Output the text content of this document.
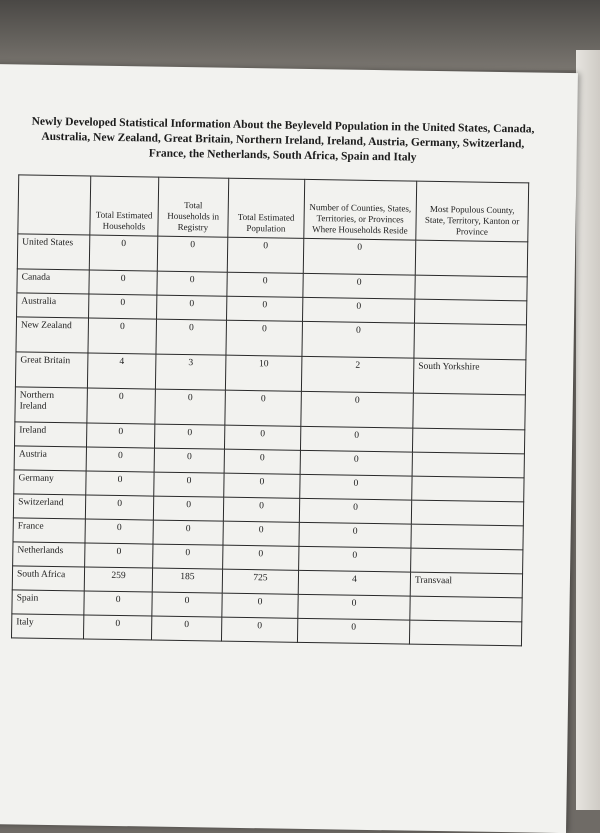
Newly Developed Statistical Information About the Beyleveld Population in the United States, Canada, Australia, New Zealand, Great Britain, Northern Ireland, Ireland, Austria, Germany, Switzerland, France, the Netherlands, South Africa, Spain and Italy
	Total Estimated Households	Total Households in Registry	Total Estimated Population	Number of Counties, States, Territories, or Provinces Where Households Reside	Most Populous County, State, Territory, Kanton or Province
United States	0	0	0	0	
Canada	0	0	0	0	
Australia	0	0	0	0	
New Zealand	0	0	0	0	
Great Britain	4	3	10	2	South Yorkshire
Northern Ireland	0	0	0	0	
Ireland	0	0	0	0	
Austria	0	0	0	0	
Germany	0	0	0	0	
Switzerland	0	0	0	0	
France	0	0	0	0	
Netherlands	0	0	0	0	
South Africa	259	185	725	4	Transvaal
Spain	0	0	0	0	
Italy	0	0	0	0	
